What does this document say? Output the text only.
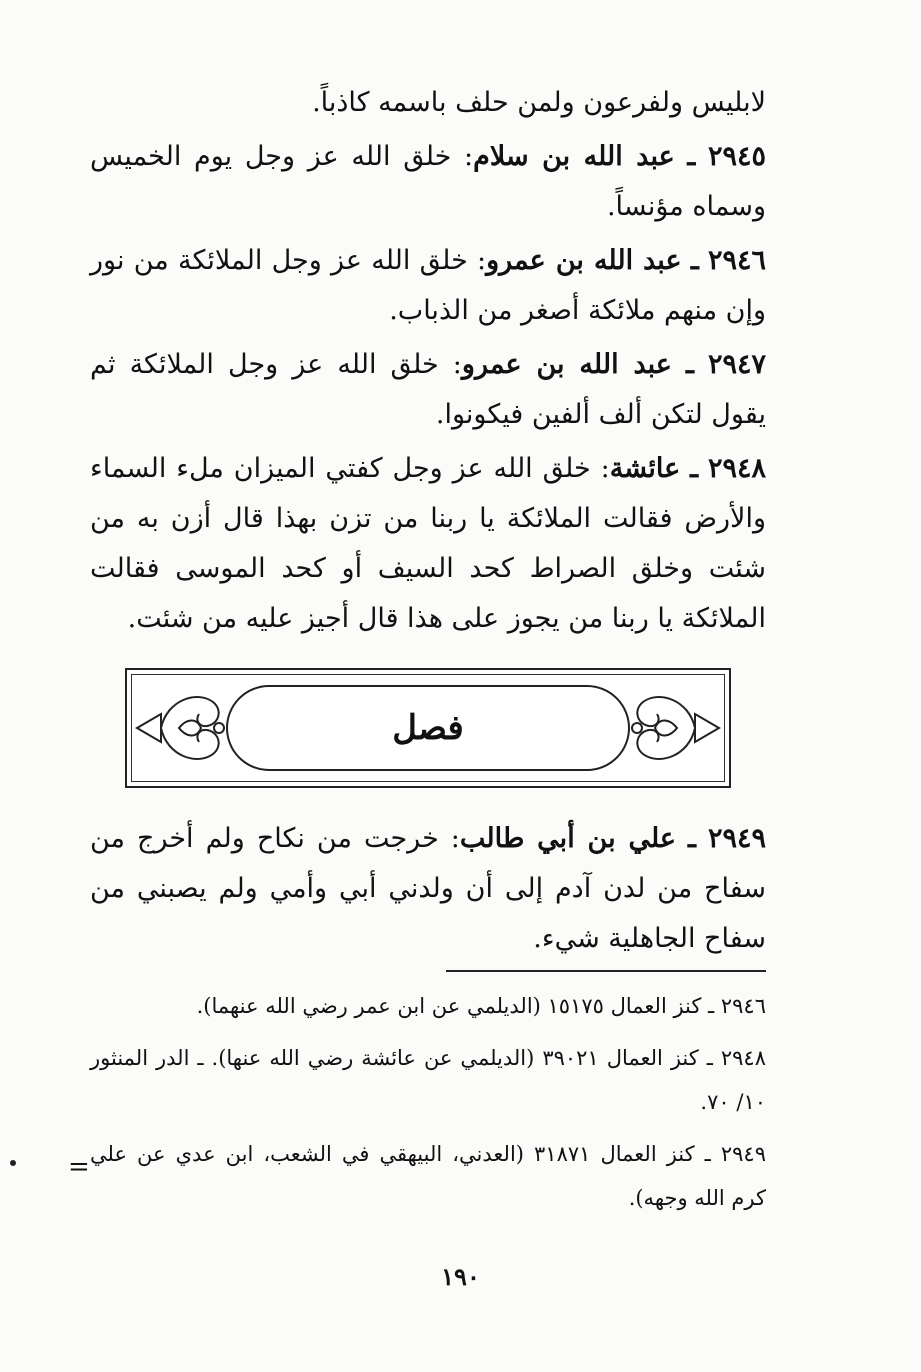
لابليس ولفرعون ولمن حلف باسمه كاذباً.

٢٩٤٥ ـ عبد الله بن سلام: خلق الله عز وجل يوم الخميس وسماه مؤنساً.

٢٩٤٦ ـ عبد الله بن عمرو: خلق الله عز وجل الملائكة من نور وإن منهم ملائكة أصغر من الذباب.

٢٩٤٧ ـ عبد الله بن عمرو: خلق الله عز وجل الملائكة ثم يقول لتكن ألف ألفين فيكونوا.

٢٩٤٨ ـ عائشة: خلق الله عز وجل كفتي الميزان ملء السماء والأرض فقالت الملائكة يا ربنا من تزن بهذا قال أزن به من شئت وخلق الصراط كحد السيف أو كحد الموسى فقالت الملائكة يا ربنا من يجوز على هذا قال أجيز عليه من شئت.

فصل

٢٩٤٩ ـ علي بن أبي طالب: خرجت من نكاح ولم أخرج من سفاح من لدن آدم إلى أن ولدني أبي وأمي ولم يصبني من سفاح الجاهلية شيء.

٢٩٤٦ ـ كنز العمال ١٥١٧٥ (الديلمي عن ابن عمر رضي الله عنهما).

٢٩٤٨ ـ كنز العمال ٣٩٠٢١ (الديلمي عن عائشة رضي الله عنها). ـ الدر المنثور ١٠/ ٧٠.

٢٩٤٩ ـ كنز العمال ٣١٨٧١ (العدني، البيهقي في الشعب، ابن عدي عن علي كرم الله وجهه).

=
١٩٠
